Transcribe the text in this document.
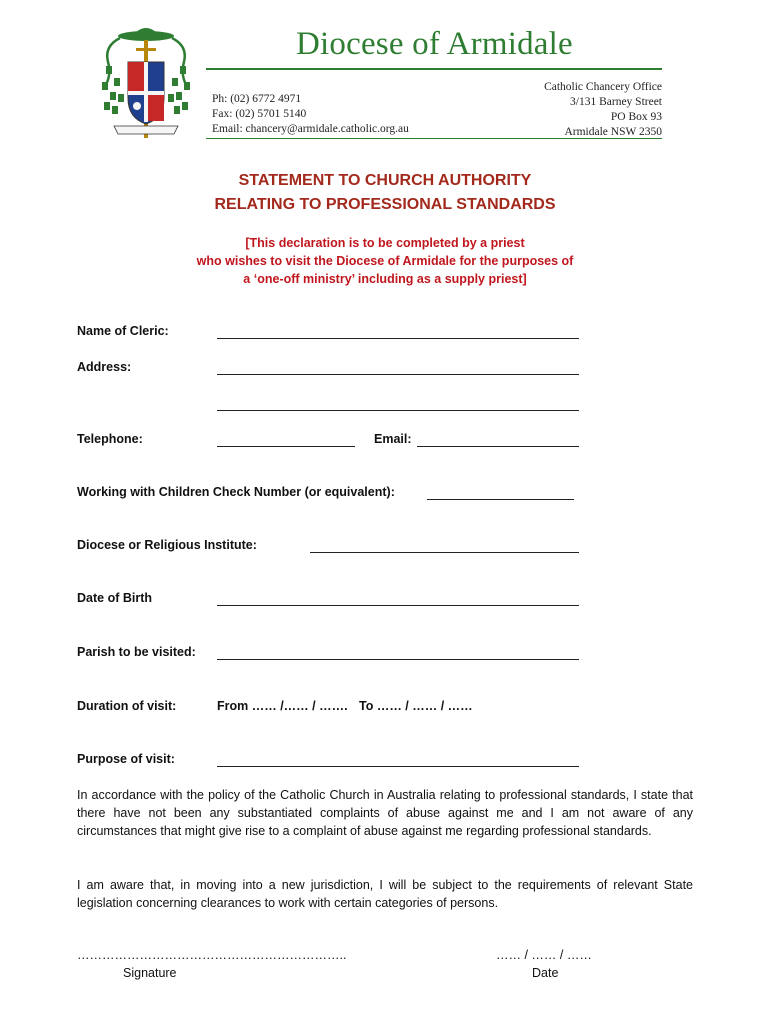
Diocese of Armidale
Ph: (02) 6772 4971
Fax: (02) 5701 5140
Email: chancery@armidale.catholic.org.au
Catholic Chancery Office
3/131 Barney Street
PO Box 93
Armidale NSW 2350
STATEMENT TO CHURCH AUTHORITY
RELATING TO PROFESSIONAL STANDARDS
[This declaration is to be completed by a priest
who wishes to visit the Diocese of Armidale for the purposes of
a ‘one-off ministry’ including as a supply priest]
Name of Cleric:
Address:
Telephone:	Email:
Working with Children Check Number (or equivalent):
Diocese or Religious Institute:
Date of Birth
Parish to be visited:
Duration of visit:	From …… /…… / ……. To …… / …… / ……
Purpose of visit:
In accordance with the policy of the Catholic Church in Australia relating to professional standards, I state that there have not been any substantiated complaints of abuse against me and I am not aware of any circumstances that might give rise to a complaint of abuse against me regarding professional standards.
I am aware that, in moving into a new jurisdiction, I will be subject to the requirements of relevant State legislation concerning clearances to work with certain categories of persons.
………………………………………………………..
Signature
…… / …… / ……
Date
